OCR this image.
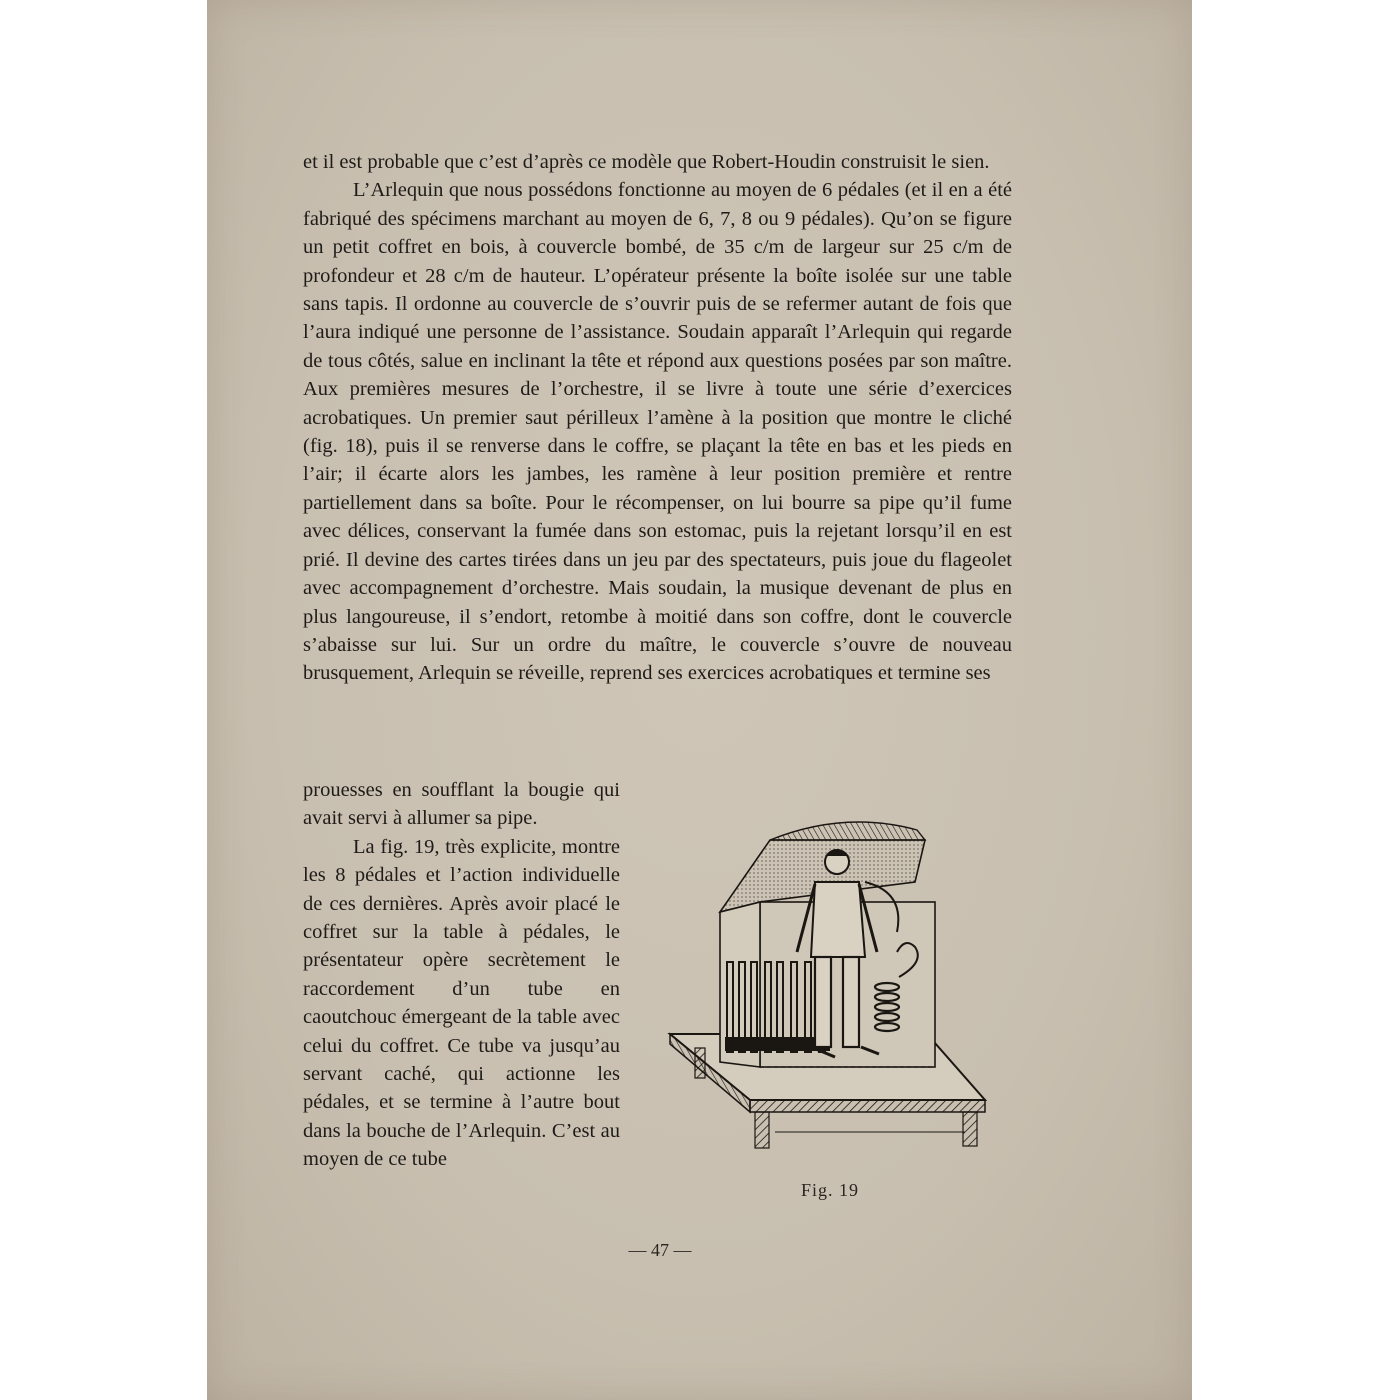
et il est probable que c’est d’après ce modèle que Robert-Houdin construisit le sien.

L’Arlequin que nous possédons fonctionne au moyen de 6 pédales (et il en a été fabriqué des spécimens marchant au moyen de 6, 7, 8 ou 9 pédales). Qu’on se figure un petit coffret en bois, à couvercle bombé, de 35 c/m de largeur sur 25 c/m de profondeur et 28 c/m de hauteur. L’opérateur présente la boîte isolée sur une table sans tapis. Il ordonne au couvercle de s’ouvrir puis de se refermer autant de fois que l’aura indiqué une personne de l’assistance. Soudain apparaît l’Arlequin qui regarde de tous côtés, salue en inclinant la tête et répond aux questions posées par son maître. Aux premières mesures de l’orchestre, il se livre à toute une série d’exercices acrobatiques. Un premier saut périlleux l’amène à la position que montre le cliché (fig. 18), puis il se renverse dans le coffre, se plaçant la tête en bas et les pieds en l’air; il écarte alors les jambes, les ramène à leur position première et rentre partiellement dans sa boîte. Pour le récompenser, on lui bourre sa pipe qu’il fume avec délices, conservant la fumée dans son estomac, puis la rejetant lorsqu’il en est prié. Il devine des cartes tirées dans un jeu par des spectateurs, puis joue du flageolet avec accompagnement d’orchestre. Mais soudain, la musique devenant de plus en plus langoureuse, il s’endort, retombe à moitié dans son coffre, dont le couvercle s’abaisse sur lui. Sur un ordre du maître, le couvercle s’ouvre de nouveau brusquement, Arlequin se réveille, reprend ses exercices acrobatiques et termine ses

prouesses en soufflant la bougie qui avait servi à allumer sa pipe.

La fig. 19, très explicite, montre les 8 pédales et l’action individuelle de ces dernières. Après avoir placé le coffret sur la table à pédales, le présentateur opère secrètement le raccordement d’un tube en caoutchouc émergeant de la table avec celui du coffret. Ce tube va jusqu’au servant caché, qui actionne les pédales, et se termine à l’autre bout dans la bouche de l’Arlequin. C’est au moyen de ce tube

Fig. 19
— 47 —
